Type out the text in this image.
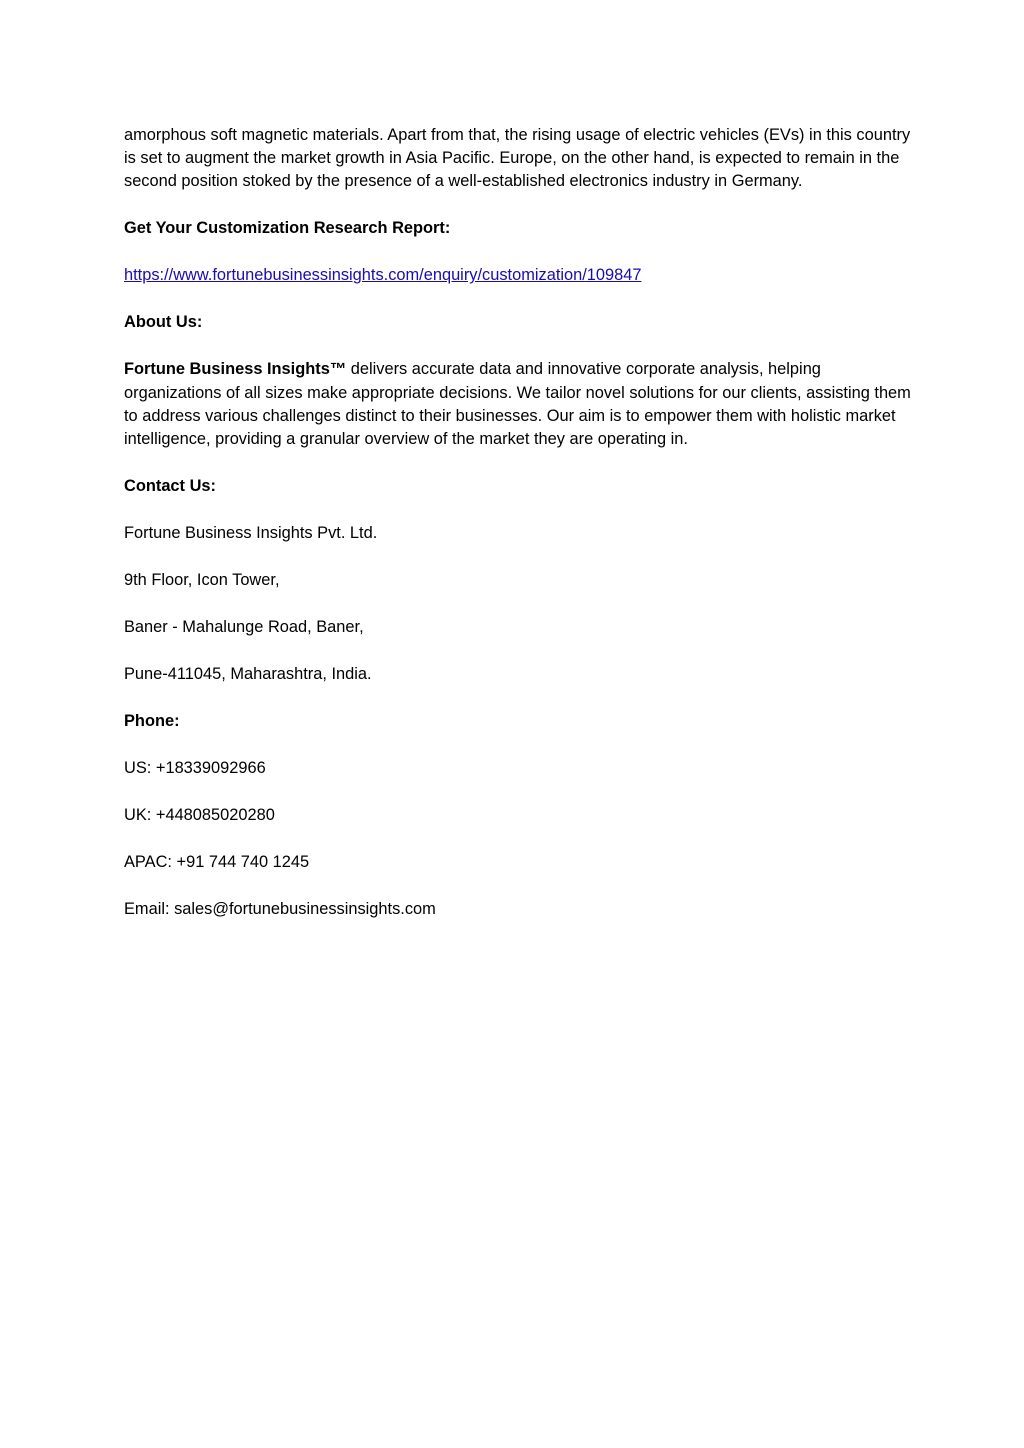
amorphous soft magnetic materials. Apart from that, the rising usage of electric vehicles (EVs) in this country is set to augment the market growth in Asia Pacific. Europe, on the other hand, is expected to remain in the second position stoked by the presence of a well-established electronics industry in Germany.

Get Your Customization Research Report:

https://www.fortunebusinessinsights.com/enquiry/customization/109847

About Us:

Fortune Business Insights™ delivers accurate data and innovative corporate analysis, helping organizations of all sizes make appropriate decisions. We tailor novel solutions for our clients, assisting them to address various challenges distinct to their businesses. Our aim is to empower them with holistic market intelligence, providing a granular overview of the market they are operating in.

Contact Us:

Fortune Business Insights Pvt. Ltd.

9th Floor, Icon Tower,

Baner - Mahalunge Road, Baner,

Pune-411045, Maharashtra, India.

Phone:

US: +18339092966

UK: +448085020280

APAC: +91 744 740 1245

Email: sales@fortunebusinessinsights.com
